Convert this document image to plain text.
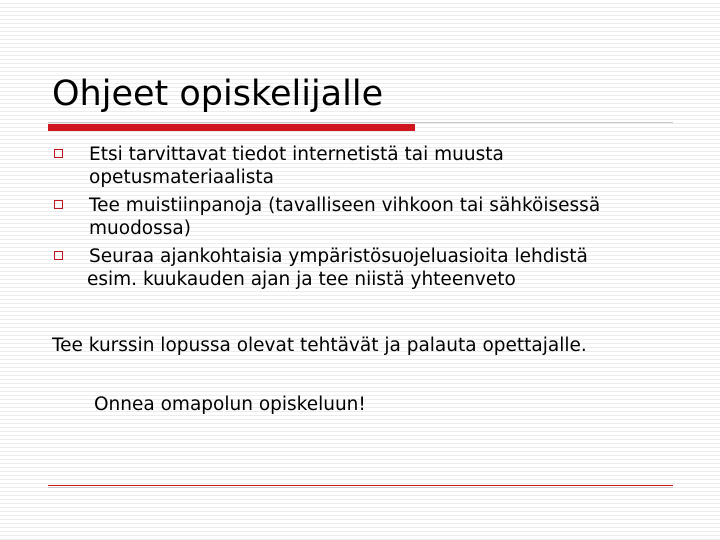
Ohjeet opiskelijalle
Etsi tarvittavat tiedot internetistä tai muusta
opetusmateriaalista
Tee muistiinpanoja (tavalliseen vihkoon tai sähköisessä
muodossa)
Seuraa ajankohtaisia ympäristösuojeluasioita lehdistä
esim. kuukauden ajan ja tee niistä yhteenveto

Tee kurssin lopussa olevat tehtävät ja palauta opettajalle.

Onnea omapolun opiskeluun!
